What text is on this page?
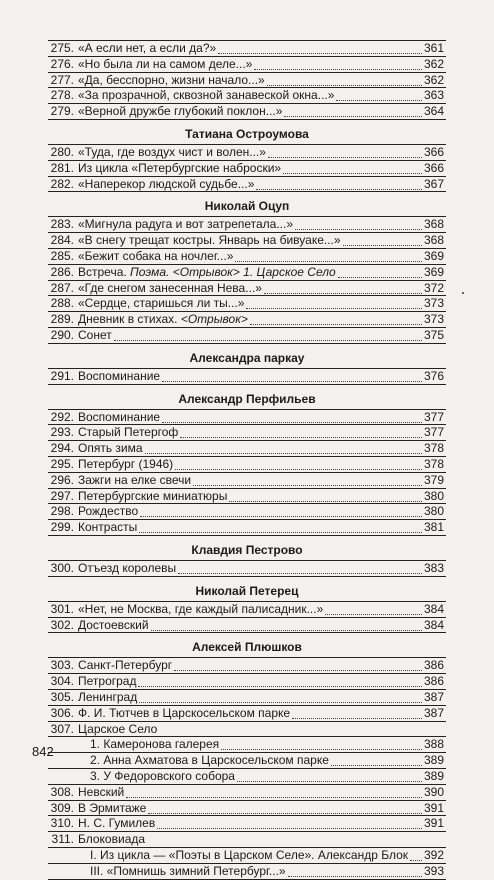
275. «А если нет, а если да?»	361
276. «Но была ли на самом деле...»	362
277. «Да, бесспорно, жизни начало...»	362
278. «За прозрачной, сквозной занавеской окна...»	363
279. «Верной дружбе глубокий поклон...»	364
Татиана Остроумова
280. «Туда, где воздух чист и волен...»	366
281. Из цикла «Петербургские наброски»	366
282. «Наперекор людской судьбе...»	367
Николай Оцуп
283. «Мигнула радуга и вот затрепетала...»	368
284. «В снегу трещат костры. Январь на бивуаке...»	368
285. «Бежит собака на ночлег...»	369
286. Встреча. Поэма. <Отрывок> 1. Царское Село	369
287. «Где снегом занесенная Нева...»	372
288. «Сердце, старишься ли ты...»	373
289. Дневник в стихах. <Отрывок>	373
290. Сонет	375
Александра паркау
291. Воспоминание	376
Александр Перфильев
292. Воспоминание	377
293. Старый Петергоф	377
294. Опять зима	378
295. Петербург (1946)	378
296. Зажги на елке свечи	379
297. Петербургские миниатюры	380
298. Рождество	380
299. Контрасты	381
Клавдия Пестрово
300. Отъезд королевы	383
Николай Петерец
301. «Нет, не Москва, где каждый палисадник...»	384
302. Достоевский	384
Алексей Плюшков
303. Санкт-Петербург	386
304. Петроград	386
305. Ленинград	387
306. Ф. И. Тютчев в Царскосельском парке	387
307. Царское Село
1. Камеронова галерея	388
2. Анна Ахматова в Царскосельском парке	389
3. У Федоровского собора	389
308. Невский	390
309. В Эрмитаже	391
310. Н. С. Гумилев	391
311. Блоковиада
I. Из цикла — «Поэты в Царском Селе». Александр Блок 392
III. «Помнишь зимний Петербург...»	393
842
